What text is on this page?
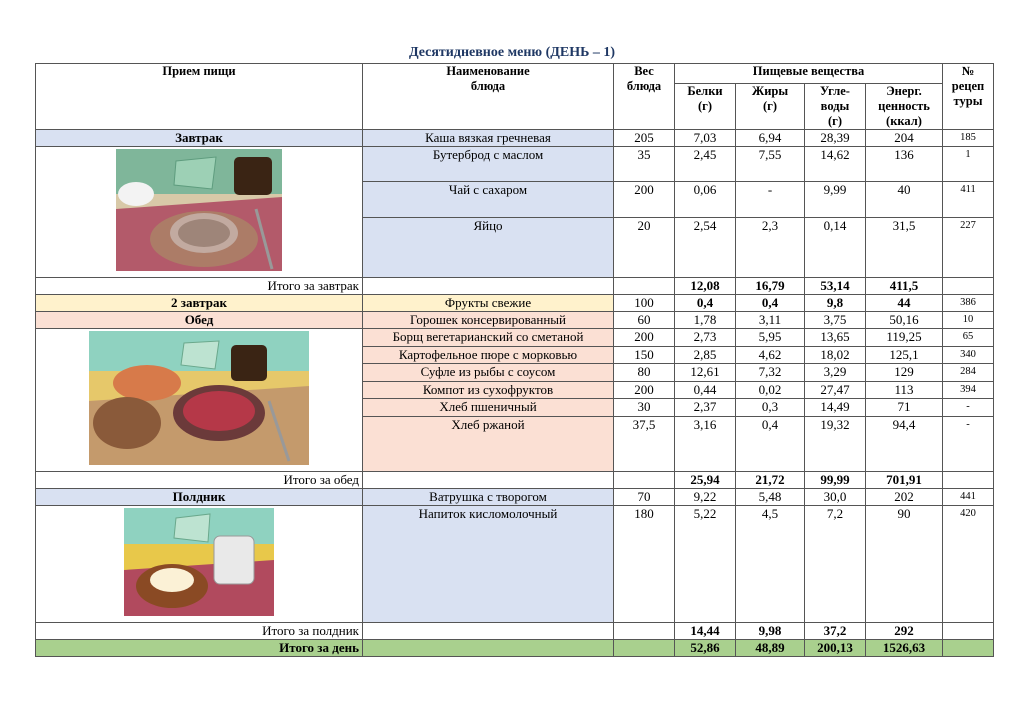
Десятидневное меню (ДЕНЬ – 1)
Прием пищи	Наименование блюда	Вес блюда	Пищевые вещества				№ рецеп туры

			Белки (г)	Жиры (г)	Угле- воды (г)	Энерг. ценность (ккал)	

Завтрак	Каша вязкая гречневая	205	7,03	6,94	28,39	204	185
	Бутерброд с маслом	35	2,45	7,55	14,62	136	1
	Чай с сахаром	200	0,06	-	9,99	40	411
	Яйцо	20	2,54	2,3	0,14	31,5	227
Итого за завтрак			12,08	16,79	53,14	411,5	
2 завтрак	Фрукты свежие	100	0,4	0,4	9,8	44	386
Обед	Горошек консервированный	60	1,78	3,11	3,75	50,16	10
	Борщ вегетарианский со сметаной	200	2,73	5,95	13,65	119,25	65
	Картофельное пюре с морковью	150	2,85	4,62	18,02	125,1	340
	Суфле из рыбы с соусом	80	12,61	7,32	3,29	129	284
	Компот из сухофруктов	200	0,44	0,02	27,47	113	394
	Хлеб пшеничный	30	2,37	0,3	14,49	71	-
	Хлеб ржаной	37,5	3,16	0,4	19,32	94,4	-
Итого за обед			25,94	21,72	99,99	701,91	
Полдник	Ватрушка с творогом	70	9,22	5,48	30,0	202	441
	Напиток кисломолочный	180	5,22	4,5	7,2	90	420
Итого за полдник			14,44	9,98	37,2	292	
Итого за день			52,86	48,89	200,13	1526,63	
